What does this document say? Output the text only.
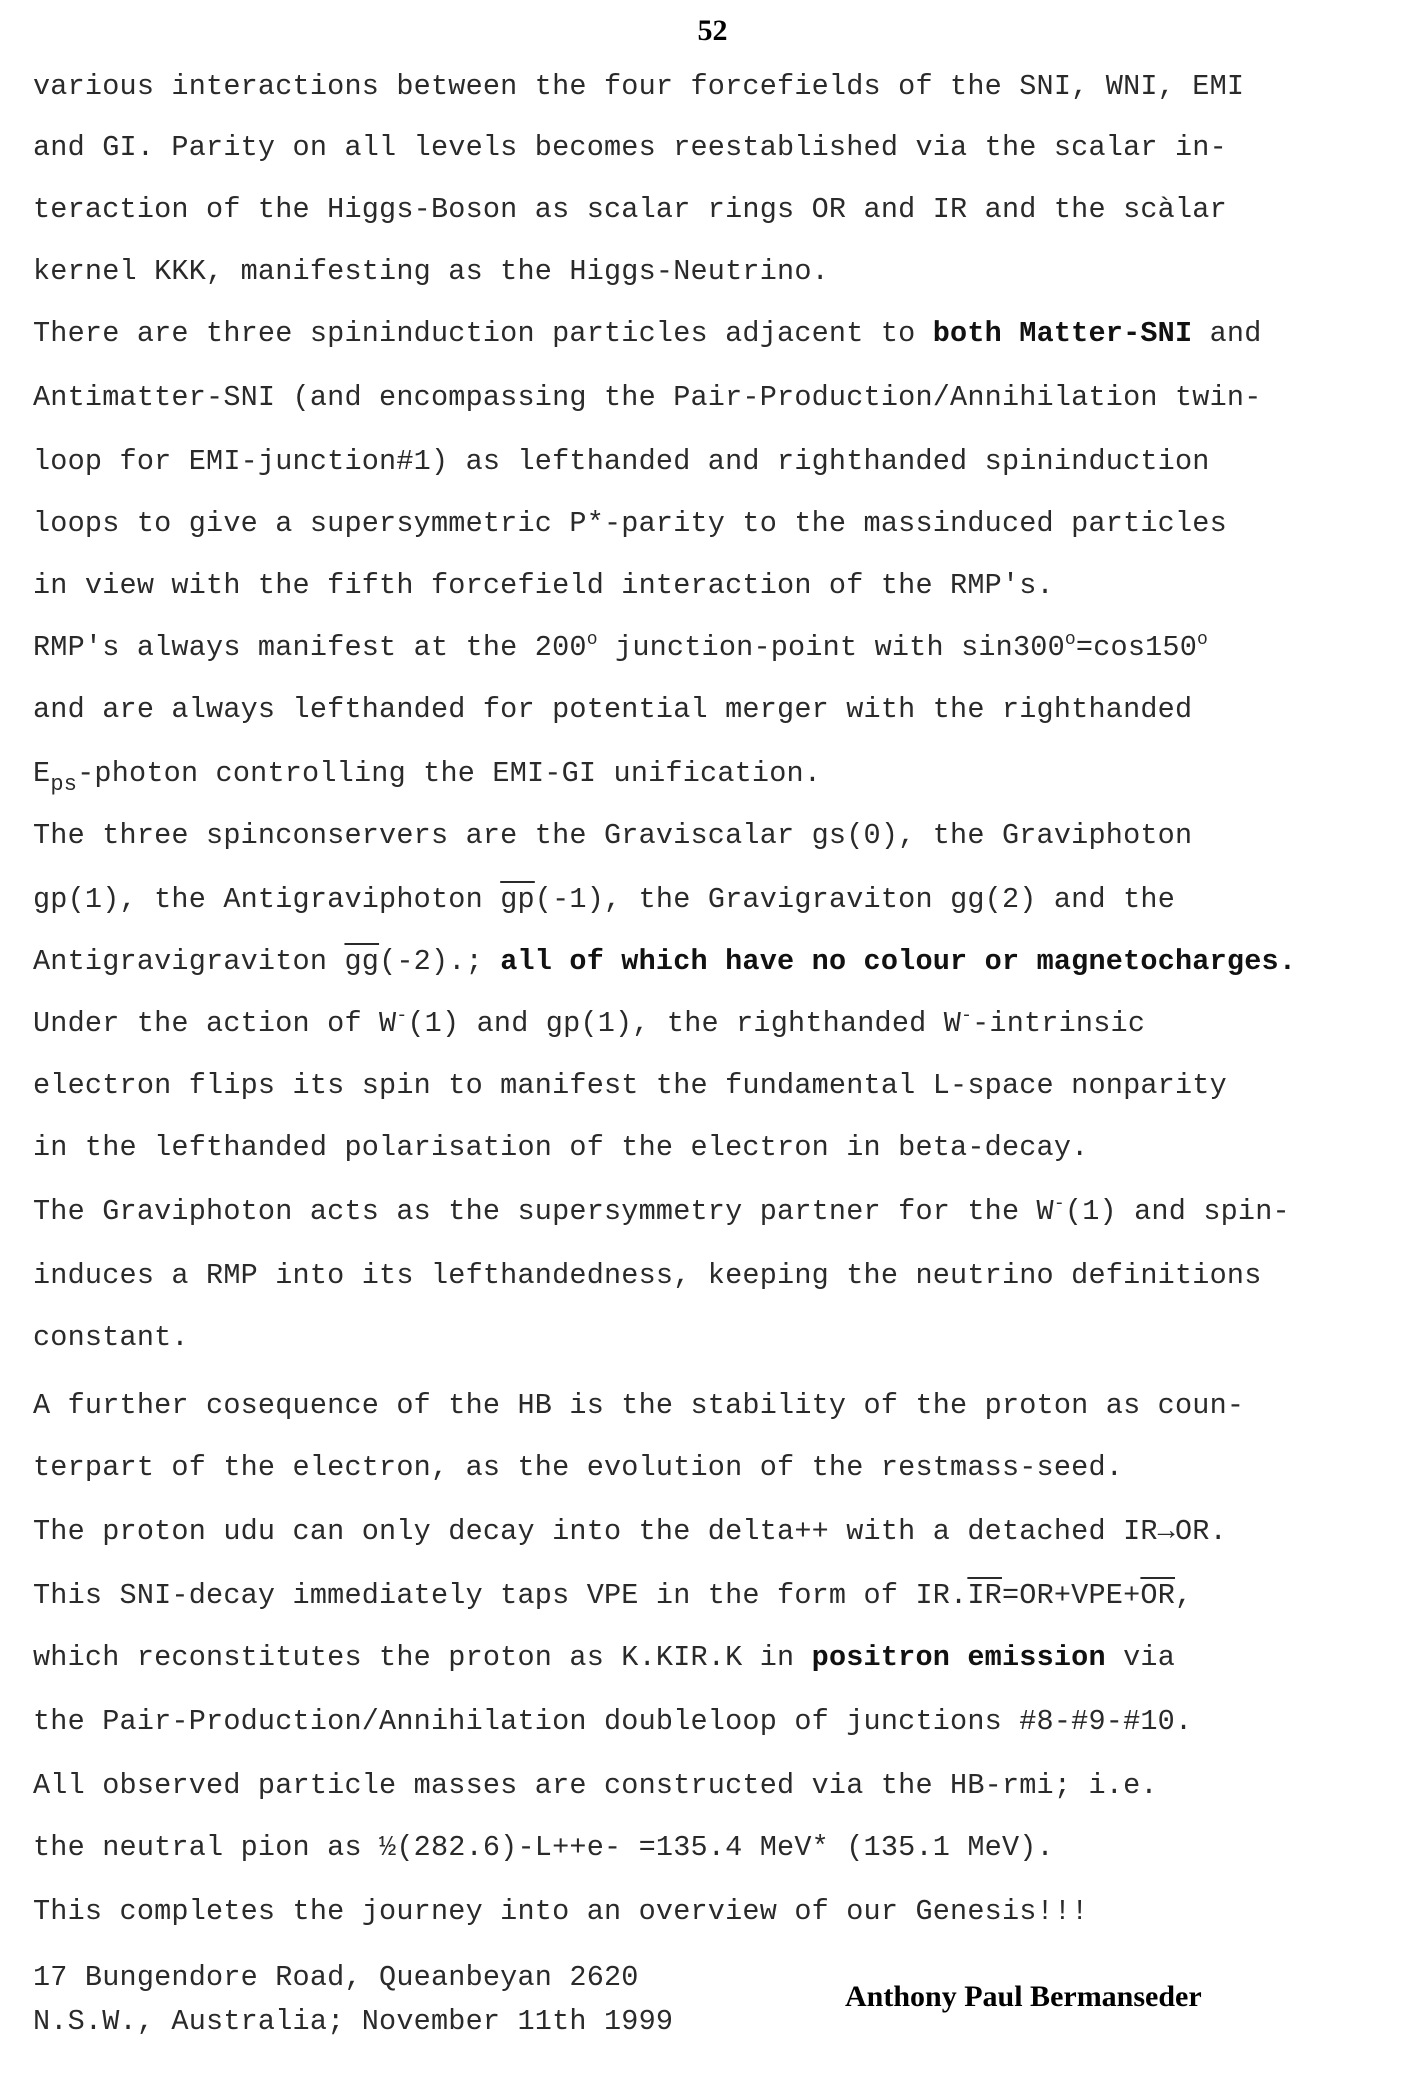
52
various interactions between the four forcefields of the SNI, WNI, EMI
and GI. Parity on all levels becomes reestablished via the scalar in-
teraction of the Higgs-Boson as scalar rings OR and IR and the scàlar
kernel KKK, manifesting as the Higgs-Neutrino.
There are three spininduction particles adjacent to both Matter-SNI and
Antimatter-SNI (and encompassing the Pair-Production/Annihilation twin-
loop for EMI-junction#1) as lefthanded and righthanded spininduction
loops to give a supersymmetric P*-parity to the massinduced particles
in view with the fifth forcefield interaction of the RMP's.
RMP's always manifest at the 200$^o$ junction-point with $\sin 300^o=\cos 150^o$
and are always lefthanded for potential merger with the righthanded
$E_{ps}$-photon controlling the EMI-GI unification.
The three spinconservers are the Graviscalar gs(0), the Graviphoton
gp(1), the Antigraviphoton $\overline{gp}(-1)$, the Gravigraviton gg(2) and the
Antigravigraviton $\overline{gg}(-2)$.; all of which have no colour or magnetocharges.
Under the action of W-(1) and gp(1), the righthanded W--intrinsic
electron flips its spin to manifest the fundamental L-space nonparity
in the lefthanded polarisation of the electron in beta-decay.
The Graviphoton acts as the supersymmetry partner for the W-(1) and spin-
induces a RMP into its lefthandedness, keeping the neutrino definitions
constant.
A further cosequence of the HB is the stability of the proton as coun-
terpart of the electron, as the evolution of the restmass-seed.
The proton udu can only decay into the delta++ with a detached IR→OR.
This SNI-decay immediately taps VPE in the form of $IR.\overline{IR}=OR+VPE+\overline{OR}$,
which reconstitutes the proton as K.KIR.K in positron emission via
the Pair-Production/Annihilation doubleloop of junctions #8-#9-#10.
All observed particle masses are constructed via the HB-rmi; i.e.
the neutral pion as ½(282.6)-L++e- =135.4 MeV* (135.1 MeV).
This completes the journey into an overview of our Genesis!!!
17 Bungendore Road, Queanbeyan 2620
N.S.W., Australia; November 11th 1999
Anthony Paul Bermanseder
